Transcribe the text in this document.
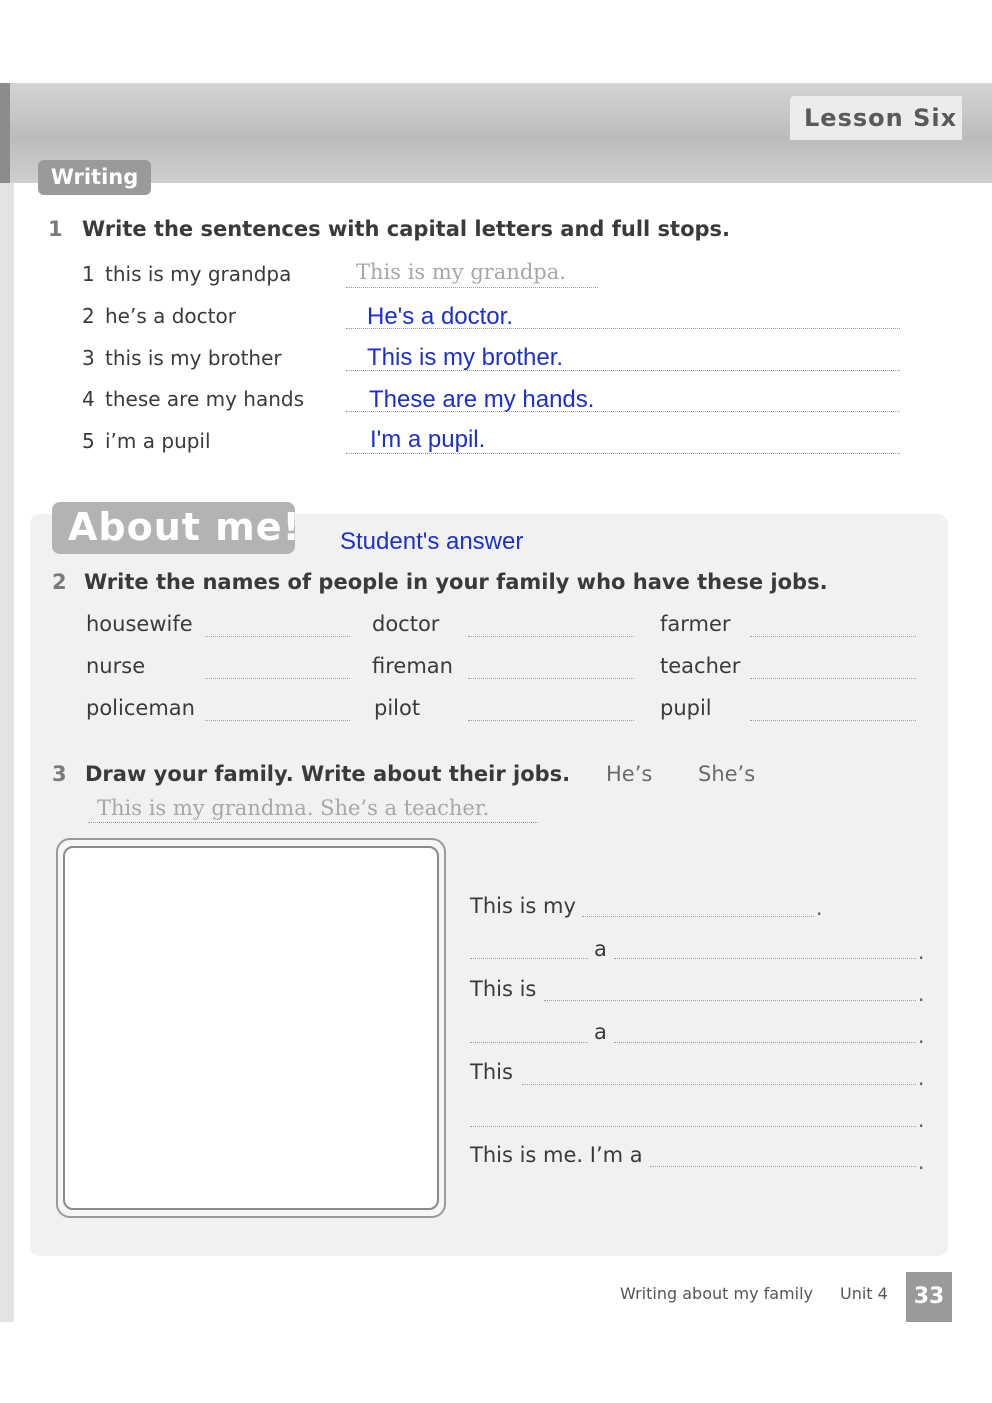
Lesson Six
Writing
1 Write the sentences with capital letters and full stops.
1 this is my grandpa	This is my grandpa.
2 he’s a doctor	He's a doctor.
3 this is my brother	This is my brother.
4 these are my hands	These are my hands.
5 i’m a pupil	I'm a pupil.
About me! Student's answer
2 Write the names of people in your family who have these jobs.
housewife	doctor	farmer
nurse	fireman	teacher
policeman	pilot	pupil
3 Draw your family. Write about their jobs. He’s She’s
This is my grandma. She’s a teacher.
This is my	.
a	.
This is	.
a	.
This	.
.
This is me. I’m a	.
Writing about my family Unit 4	33
